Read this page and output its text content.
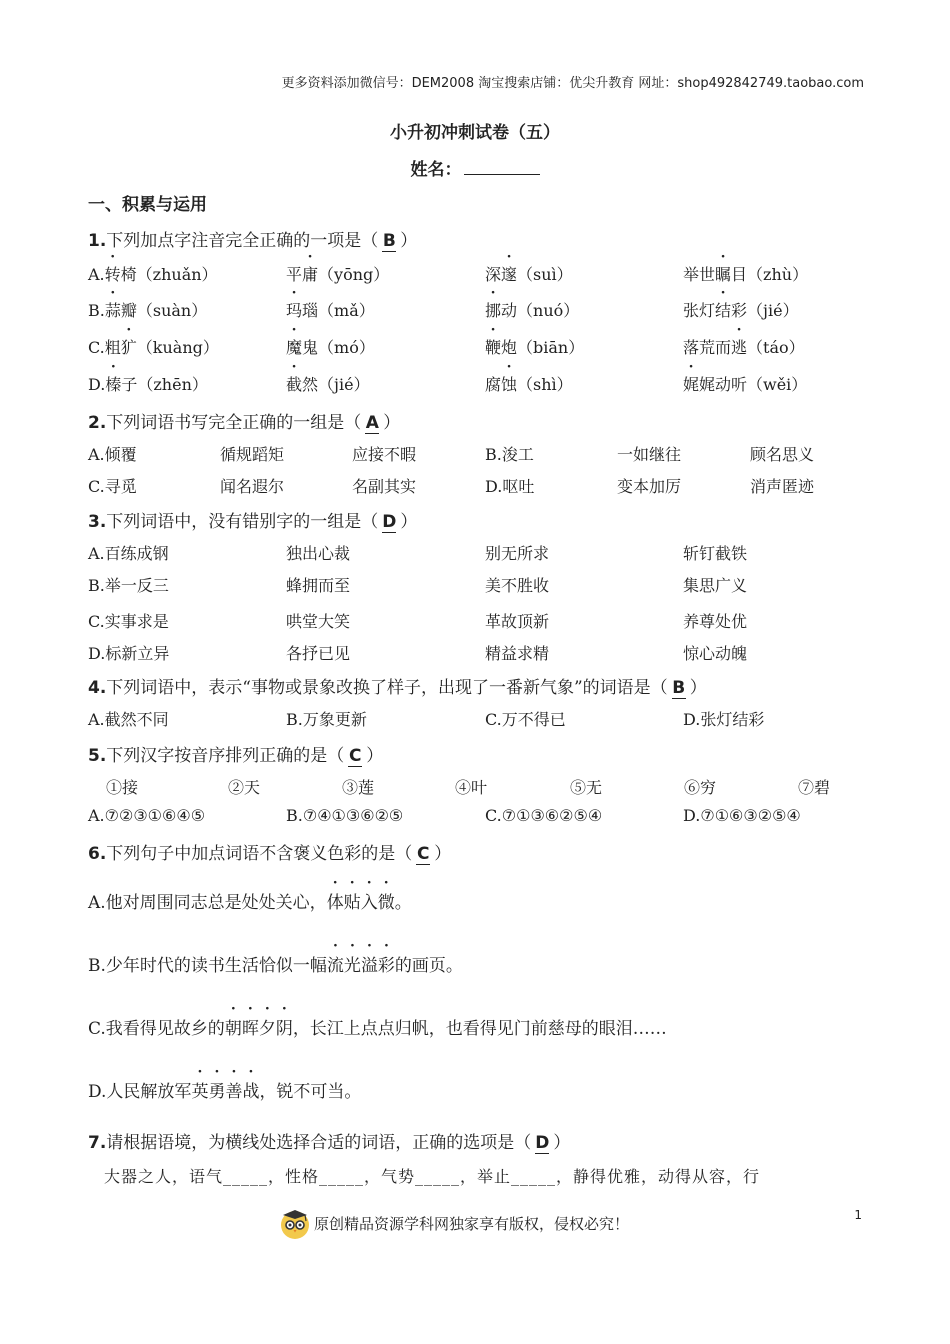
更多资料添加微信号：DEM2008 淘宝搜索店铺：优尖升教育 网址：shop492842749.taobao.com
小升初冲刺试卷（五）
姓名：
一、积累与运用
1.下列加点字注音完全正确的一项是（ B ）
A.转椅（zhuǎn）	平庸（yōng）	深邃（suì）	举世瞩目（zhù）
B.蒜瓣（suàn）	玛瑙（mǎ）	挪动（nuó）	张灯结彩（jié）
C.粗犷（kuàng）	魔鬼（mó）	鞭炮（biān）	落荒而逃（táo）
D.榛子（zhēn）	截然（jié）	腐蚀（shì）	娓娓动听（wěi）
2.下列词语书写完全正确的一组是（ A ）
A.倾覆	循规蹈矩	应接不暇	B.浚工	一如继往	顾名思义
C.寻觅	闻名遐尔	名副其实	D.呕吐	变本加厉	消声匿迹
3.下列词语中，没有错别字的一组是（ D ）
A.百练成钢	独出心裁	别无所求	斩钉截铁
B.举一反三	蜂拥而至	美不胜收	集思广义
C.实事求是	哄堂大笑	革故顶新	养尊处优
D.标新立异	各抒已见	精益求精	惊心动魄
4.下列词语中，表示“事物或景象改换了样子，出现了一番新气象”的词语是（ B ）
A.截然不同	B.万象更新	C.万不得已	D.张灯结彩
5.下列汉字按音序排列正确的是（ C ）
①接	②天	③莲	④叶	⑤无	⑥穷	⑦碧
A.⑦②③①⑥④⑤	B.⑦④①③⑥②⑤	C.⑦①③⑥②⑤④	D.⑦①⑥③②⑤④
6.下列句子中加点词语不含褒义色彩的是（ C ）
A.他对周围同志总是处处关心，体贴入微。
B.少年时代的读书生活恰似一幅流光溢彩的画页。
C.我看得见故乡的朝晖夕阴，长江上点点归帆，也看得见门前慈母的眼泪……
D.人民解放军英勇善战，锐不可当。
7.请根据语境，为横线处选择合适的词语，正确的选项是（ D ）
大器之人，语气_____，性格_____，气势_____，举止_____，静得优雅，动得从容，行
原创精品资源学科网独家享有版权，侵权必究！	1
